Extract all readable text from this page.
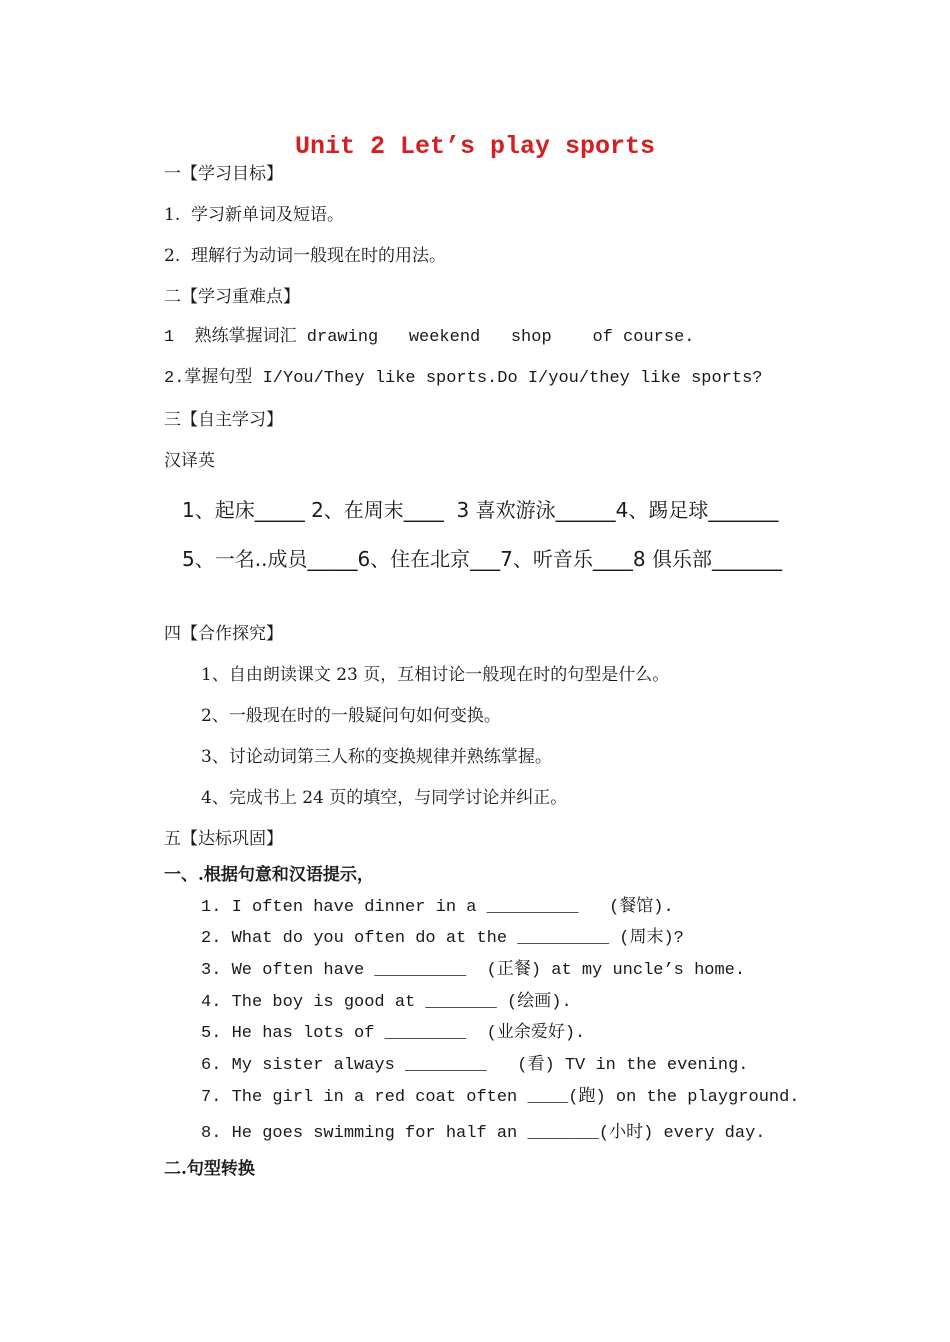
Unit 2 Let’s play sports
一【学习目标】
1.  学习新单词及短语。
2.  理解行为动词一般现在时的用法。
二【学习重难点】
1  熟练掌握词汇 drawing   weekend   shop    of course.
2.掌握句型 I/You/They like sports.Do I/you/they like sports?
三【自主学习】
汉译英
1、起床_____ 2、在周末____  3 喜欢游泳______4、踢足球_______
5、一名..成员_____6、住在北京___7、听音乐____8 俱乐部_______
四【合作探究】
1、自由朗读课文 23 页，互相讨论一般现在时的句型是什么。
2、一般现在时的一般疑问句如何变换。
3、讨论动词第三人称的变换规律并熟练掌握。
4、完成书上 24 页的填空，与同学讨论并纠正。
五【达标巩固】
一、.根据句意和汉语提示，
1. I often have dinner in a _________   (餐馆).
2. What do you often do at the _________ (周末)?
3. We often have _________  (正餐) at my uncle’s home.
4. The boy is good at _______ (绘画).
5. He has lots of ________  (业余爱好).
6. My sister always ________   (看) TV in the evening.
7. The girl in a red coat often ____(跑) on the playground.
8. He goes swimming for half an _______(小时) every day.
二.句型转换
